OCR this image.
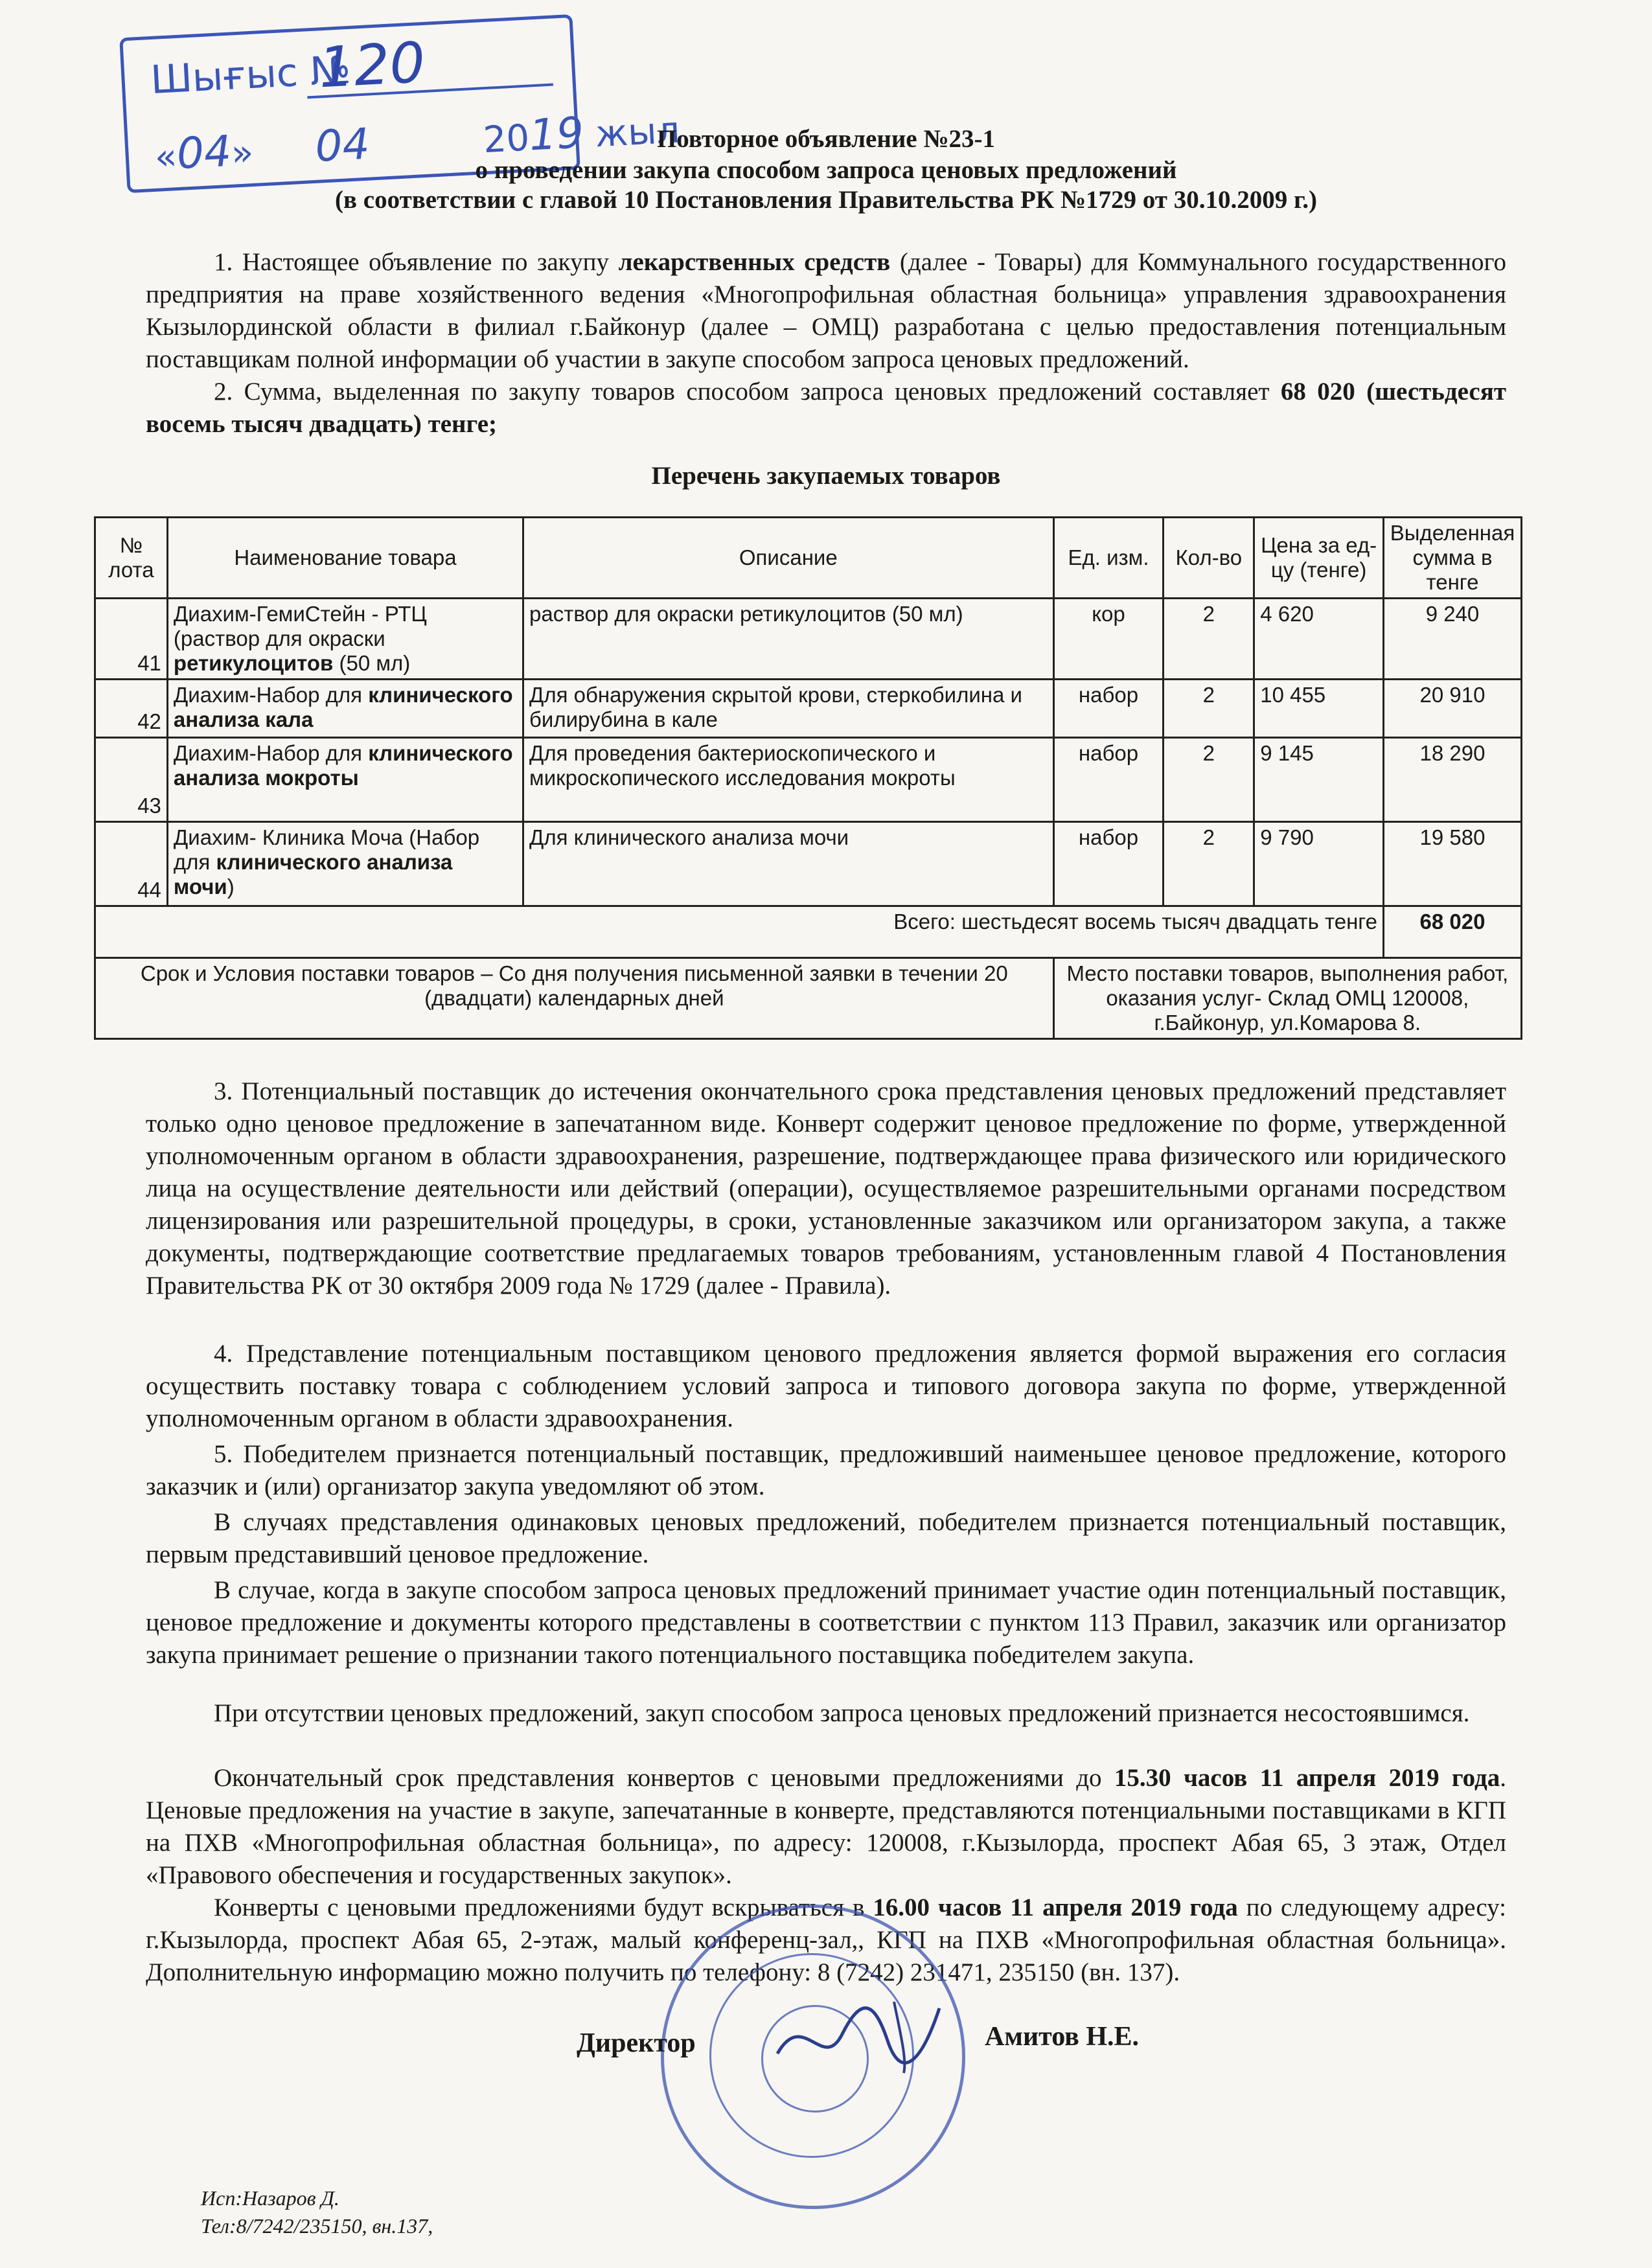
Шығыс №
120
«04» 04	2019 жыл
Повторное объявление №23-1
о проведении закупа способом запроса ценовых предложений
(в соответствии с главой 10 Постановления Правительства РК №1729 от 30.10.2009 г.)
1. Настоящее объявление по закупу лекарственных средств (далее - Товары) для Коммунального государственного предприятия на праве хозяйственного ведения «Многопрофильная областная больница» управления здравоохранения Кызылординской области в филиал г.Байконур (далее – ОМЦ) разработана с целью предоставления потенциальным поставщикам полной информации об участии в закупе способом запроса ценовых предложений.
2. Сумма, выделенная по закупу товаров способом запроса ценовых предложений составляет 68 020 (шестьдесят восемь тысяч двадцать) тенге;
Перечень закупаемых товаров
№ лота	Наименование товара	Описание	Ед. изм.	Кол-во	Цена за ед-цу (тенге)	Выделенная сумма в тенге
41	Диахим-ГемиСтейн - РТЦ (раствор для окраски ретикулоцитов (50 мл)	раствор для окраски ретикулоцитов (50 мл)	кор	2	4 620	9 240
42	Диахим-Набор для клинического анализа кала	Для обнаружения скрытой крови, стеркобилина и билирубина в кале	набор	2	10 455	20 910
43	Диахим-Набор для клинического анализа мокроты	Для проведения бактериоскопического и микроскопического исследования мокроты	набор	2	9 145	18 290
44	Диахим- Клиника Моча (Набор для клинического анализа мочи)	Для клинического анализа мочи	набор	2	9 790	19 580
Всего: шестьдесят восемь тысяч двадцать тенге						68 020
Срок и Условия поставки товаров – Со дня получения письменной заявки в течении 20 (двадцати) календарных дней			Место поставки товаров, выполнения работ, оказания услуг- Склад ОМЦ 120008, г.Байконур, ул.Комарова 8.			
3. Потенциальный поставщик до истечения окончательного срока представления ценовых предложений представляет только одно ценовое предложение в запечатанном виде. Конверт содержит ценовое предложение по форме, утвержденной уполномоченным органом в области здравоохранения, разрешение, подтверждающее права физического или юридического лица на осуществление деятельности или действий (операции), осуществляемое разрешительными органами посредством лицензирования или разрешительной процедуры, в сроки, установленные заказчиком или организатором закупа, а также документы, подтверждающие соответствие предлагаемых товаров требованиям, установленным главой 4 Постановления Правительства РК от 30 октября 2009 года № 1729 (далее - Правила).
4. Представление потенциальным поставщиком ценового предложения является формой выражения его согласия осуществить поставку товара с соблюдением условий запроса и типового договора закупа по форме, утвержденной уполномоченным органом в области здравоохранения.
5. Победителем признается потенциальный поставщик, предложивший наименьшее ценовое предложение, которого заказчик и (или) организатор закупа уведомляют об этом.
В случаях представления одинаковых ценовых предложений, победителем признается потенциальный поставщик, первым представивший ценовое предложение.
В случае, когда в закупе способом запроса ценовых предложений принимает участие один потенциальный поставщик, ценовое предложение и документы которого представлены в соответствии с пунктом 113 Правил, заказчик или организатор закупа принимает решение о признании такого потенциального поставщика победителем закупа.
При отсутствии ценовых предложений, закуп способом запроса ценовых предложений признается несостоявшимся.
Окончательный срок представления конвертов с ценовыми предложениями до 15.30 часов 11 апреля 2019 года. Ценовые предложения на участие в закупе, запечатанные в конверте, представляются потенциальными поставщиками в КГП на ПХВ «Многопрофильная областная больница», по адресу: 120008, г.Кызылорда, проспект Абая 65, 3 этаж, Отдел «Правового обеспечения и государственных закупок».
Конверты с ценовыми предложениями будут вскрываться в 16.00 часов 11 апреля 2019 года по следующему адресу: г.Кызылорда, проспект Абая 65, 2-этаж, малый конференц-зал,, КГП на ПХВ «Многопрофильная областная больница». Дополнительную информацию можно получить по телефону: 8 (7242) 231471, 235150 (вн. 137).
Директор	Амитов Н.Е.
Исп:Назаров Д.
Тел:8/7242/235150, вн.137,
